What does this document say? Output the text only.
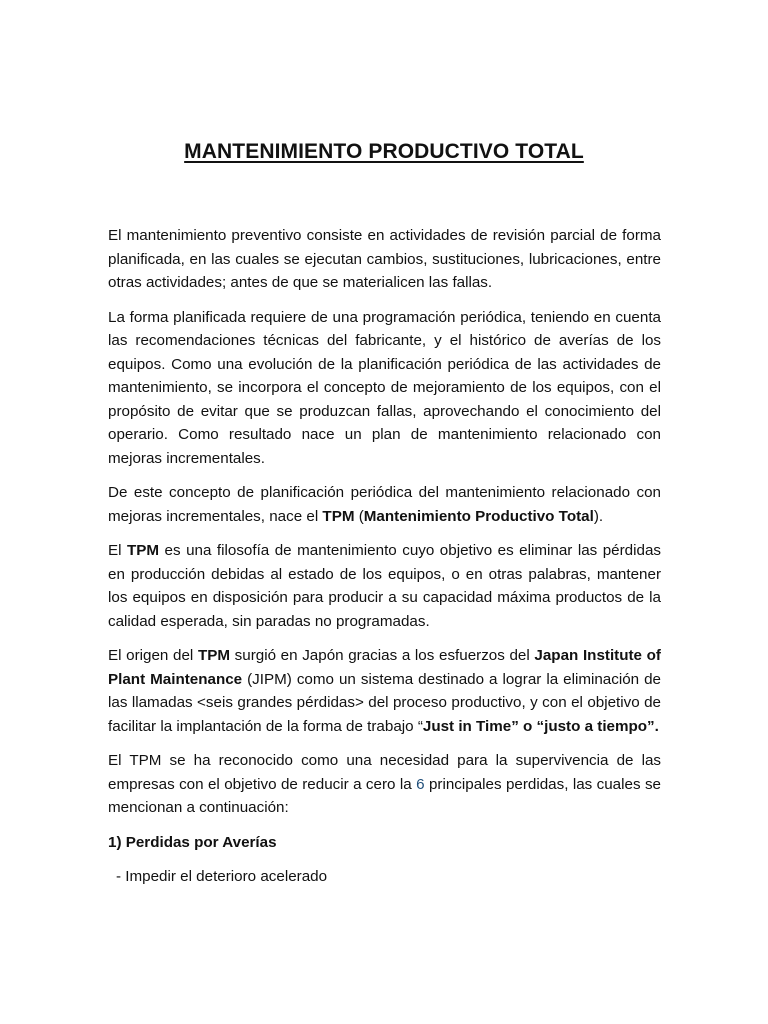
MANTENIMIENTO PRODUCTIVO TOTAL

El mantenimiento preventivo consiste en actividades de revisión parcial de forma planificada, en las cuales se ejecutan cambios, sustituciones, lubricaciones, entre otras actividades; antes de que se materialicen las fallas.

La forma planificada requiere de una programación periódica, teniendo en cuenta las recomendaciones técnicas del fabricante, y el histórico de averías de los equipos. Como una evolución de la planificación periódica de las actividades de mantenimiento, se incorpora el concepto de mejoramiento de los equipos, con el propósito de evitar que se produzcan fallas, aprovechando el conocimiento del operario. Como resultado nace un plan de mantenimiento relacionado con mejoras incrementales.

De este concepto de planificación periódica del mantenimiento relacionado con mejoras incrementales, nace el TPM (Mantenimiento Productivo Total).

El TPM es una filosofía de mantenimiento cuyo objetivo es eliminar las pérdidas en producción debidas al estado de los equipos, o en otras palabras, mantener los equipos en disposición para producir a su capacidad máxima productos de la calidad esperada, sin paradas no programadas.

El origen del TPM surgió en Japón gracias a los esfuerzos del Japan Institute of Plant Maintenance (JIPM) como un sistema destinado a lograr la eliminación de las llamadas <seis grandes pérdidas> del proceso productivo, y con el objetivo de facilitar la implantación de la forma de trabajo “Just in Time” o “justo a tiempo”.

El TPM se ha reconocido como una necesidad para la supervivencia de las empresas con el objetivo de reducir a cero la 6 principales perdidas, las cuales se mencionan a continuación:

1) Perdidas por Averías

- Impedir el deterioro acelerado
